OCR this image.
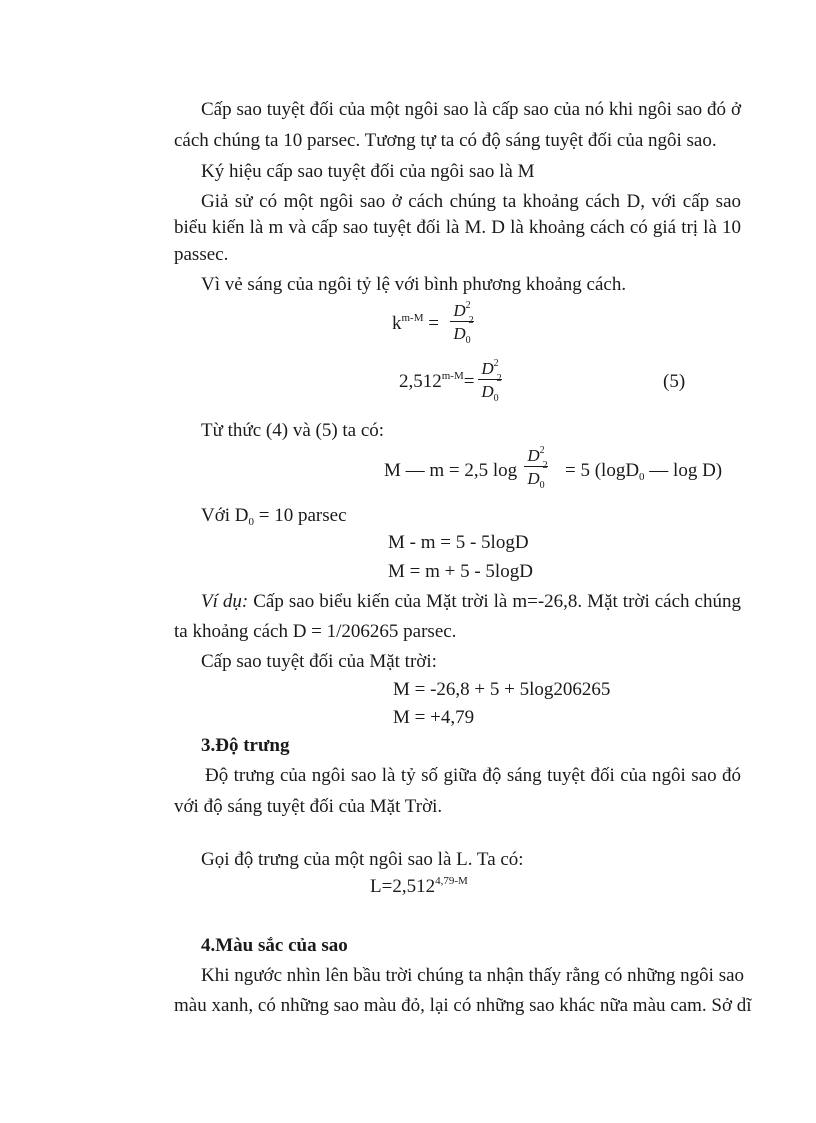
Cấp sao tuyệt đối của một ngôi sao là cấp sao của nó khi ngôi sao đó ở
cách chúng ta 10 parsec. Tương tự ta có độ sáng tuyệt đối của ngôi sao.
Ký hiệu cấp sao tuyệt đối của ngôi sao là M
Giả sử có một ngôi sao ở cách chúng ta khoảng cách D, với cấp sao
biểu kiến là m và cấp sao tuyệt đối là M. D là khoảng cách có giá trị là 10
passec.
Vì vẻ sáng của ngôi tỷ lệ với bình phương khoảng cách.
$k^{m-M}$ =
$D^2$
$D_0$
2
$2,512^{m-M}=$
$D^2$
$D_0$
2	(5)
Từ thức (4) và (5) ta có:
M — m = 2,5 log
$D^2$
$D_0$
2 = 5 (logD$_0$ — log D)
Với $D_0 = 10$ parsec
M - m = 5 - 5logD
M = m + 5 - 5logD
Ví dụ: Cấp sao biểu kiến của Mặt trời là m=-26,8. Mặt trời cách chúng
ta khoảng cách D = 1/206265 parsec.
Cấp sao tuyệt đối của Mặt trời:
M = -26,8 + 5 + 5log206265
M = +4,79
3.Độ trưng
Độ trưng của ngôi sao là tỷ số giữa độ sáng tuyệt đối của ngôi sao đó
với độ sáng tuyệt đối của Mặt Trời.
Gọi độ trưng của một ngôi sao là L. Ta có:
$L=2,512^{4,79-M}$
4.Màu sắc của sao
Khi ngước nhìn lên bầu trời chúng ta nhận thấy rằng có những ngôi sao
màu xanh, có những sao màu đỏ, lại có những sao khác nữa màu cam. Sở dĩ
